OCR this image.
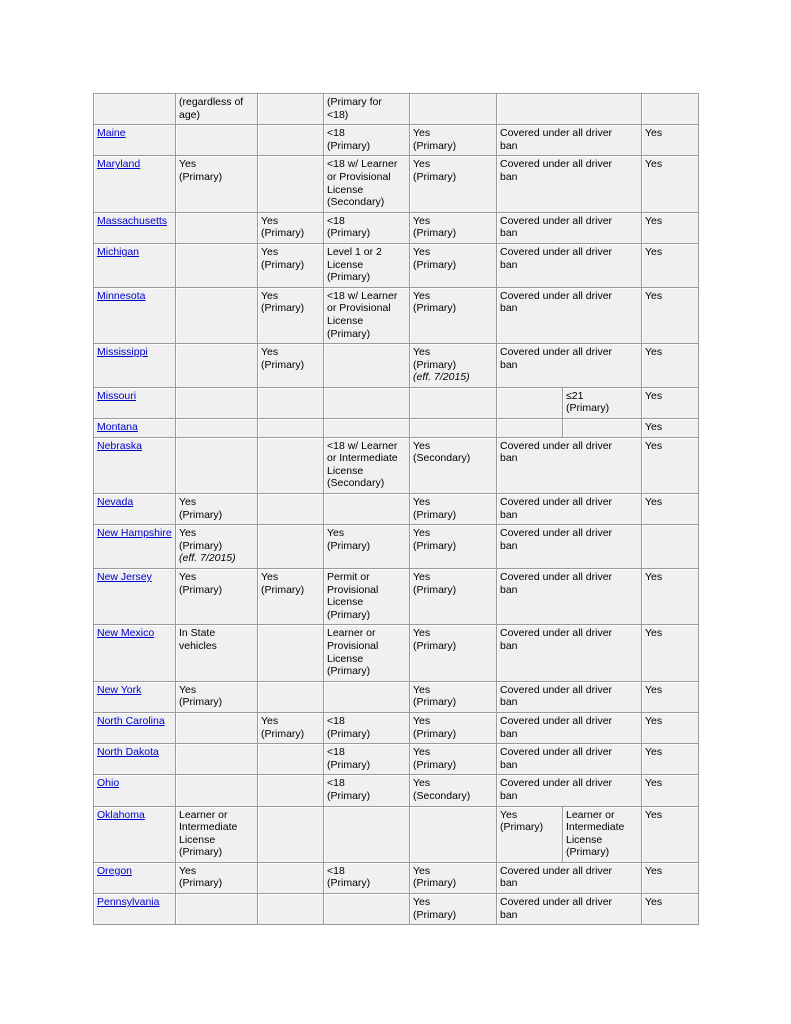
	(regardless of
age)		(Primary for
<18)				

Maine			<18
(Primary)	Yes
(Primary)	Covered under all driver
ban		Yes

Maryland	Yes
(Primary)		<18 w/ Learner
or Provisional
License
(Secondary)	Yes
(Primary)	Covered under all driver
ban		Yes

Massachusetts		Yes
(Primary)	<18
(Primary)	Yes
(Primary)	Covered under all driver
ban		Yes

Michigan		Yes
(Primary)	Level 1 or 2
License
(Primary)	Yes
(Primary)	Covered under all driver
ban		Yes

Minnesota		Yes
(Primary)	<18 w/ Learner
or Provisional
License
(Primary)	Yes
(Primary)	Covered under all driver
ban		Yes

Mississippi		Yes
(Primary)		Yes
(Primary)
(eff. 7/2015)	Covered under all driver
ban		Yes

Missouri						≤21
(Primary)	Yes

Montana							Yes

Nebraska			<18 w/ Learner
or Intermediate
License
(Secondary)	Yes
(Secondary)	Covered under all driver
ban		Yes

Nevada	Yes
(Primary)			Yes
(Primary)	Covered under all driver
ban		Yes

New Hampshire	Yes
(Primary)
(eff. 7/2015)		Yes
(Primary)	Yes
(Primary)	Covered under all driver
ban		

New Jersey	Yes
(Primary)	Yes
(Primary)	Permit or
Provisional
License
(Primary)	Yes
(Primary)	Covered under all driver
ban		Yes

New Mexico	In State
vehicles		Learner or
Provisional
License
(Primary)	Yes
(Primary)	Covered under all driver
ban		Yes

New York	Yes
(Primary)			Yes
(Primary)	Covered under all driver
ban		Yes

North Carolina		Yes
(Primary)	<18
(Primary)	Yes
(Primary)	Covered under all driver
ban		Yes

North Dakota			<18
(Primary)	Yes
(Primary)	Covered under all driver
ban		Yes

Ohio			<18
(Primary)	Yes
(Secondary)	Covered under all driver
ban		Yes

Oklahoma	Learner or
Intermediate
License
(Primary)				Yes
(Primary)	Learner or
Intermediate
License
(Primary)	Yes

Oregon	Yes
(Primary)		<18
(Primary)	Yes
(Primary)	Covered under all driver
ban		Yes

Pennsylvania				Yes
(Primary)	Covered under all driver
ban		Yes
